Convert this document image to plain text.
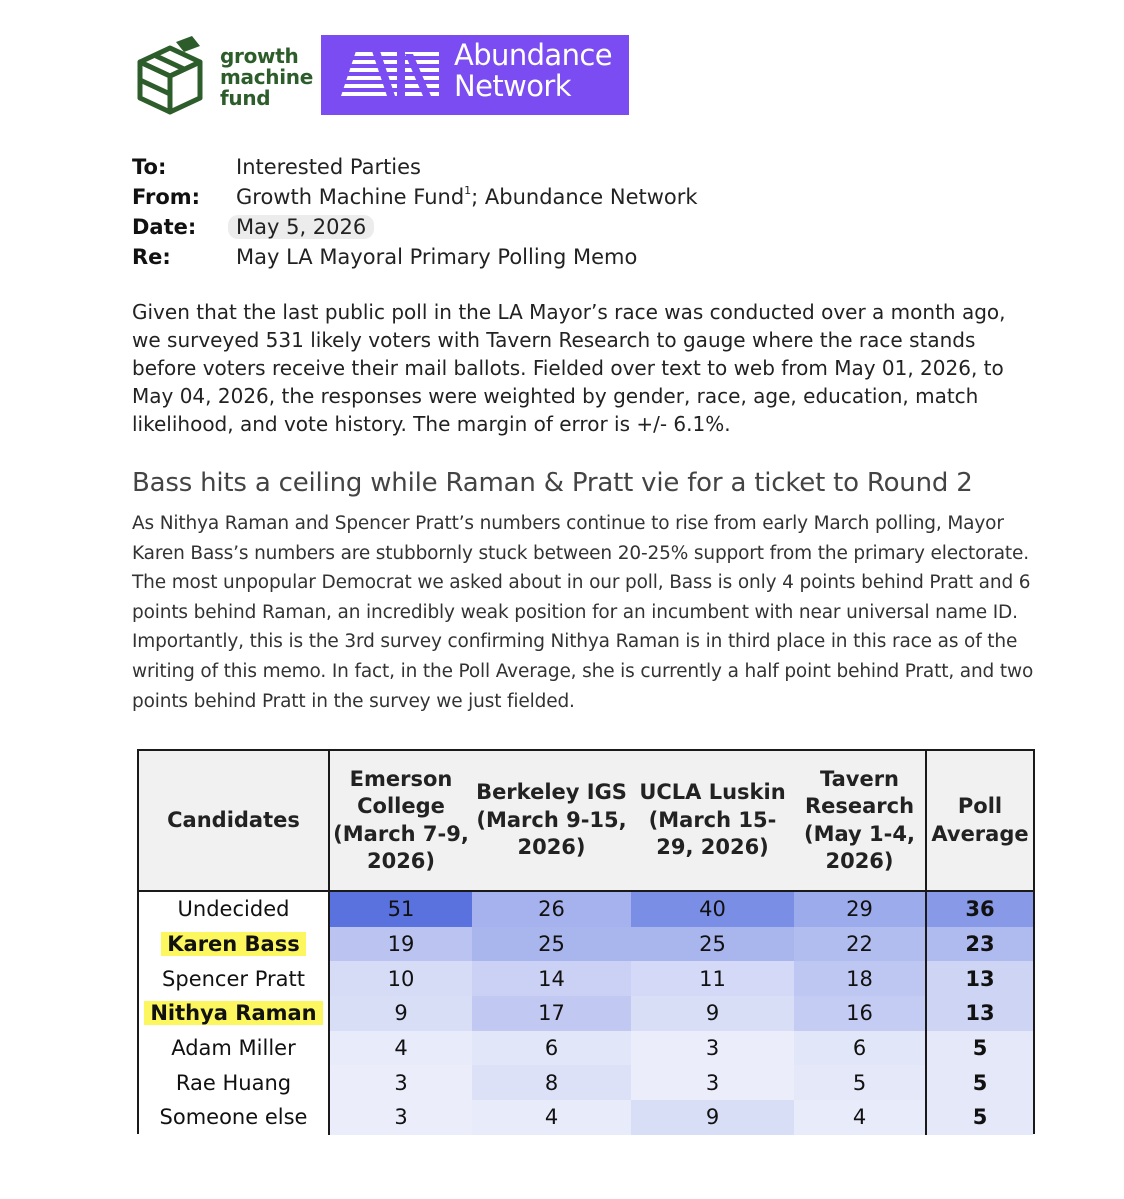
growth
machine
fund
Abundance
Network
To:	Interested Parties
From: Growth Machine Fund$^1$; Abundance Network
Date: May 5, 2026
Re:	May LA Mayoral Primary Polling Memo

Given that the last public poll in the LA Mayor’s race was conducted over a month ago, we surveyed 531 likely voters with Tavern Research to gauge where the race stands before voters receive their mail ballots. Fielded over text to web from May 01, 2026, to May 04, 2026, the responses were weighted by gender, race, age, education, match likelihood, and vote history. The margin of error is +/- 6.1%.

Bass hits a ceiling while Raman & Pratt vie for a ticket to Round 2

As Nithya Raman and Spencer Pratt’s numbers continue to rise from early March polling, Mayor Karen Bass’s numbers are stubbornly stuck between 20-25% support from the primary electorate. The most unpopular Democrat we asked about in our poll, Bass is only 4 points behind Pratt and 6 points behind Raman, an incredibly weak position for an incumbent with near universal name ID. Importantly, this is the 3rd survey confirming Nithya Raman is in third place in this race as of the writing of this memo. In fact, in the Poll Average, she is currently a half point behind Pratt, and two points behind Pratt in the survey we just fielded.

Candidates	Emerson College (March 7-9, 2026)	Berkeley IGS (March 9-15, 2026)	UCLA Luskin (March 15-29, 2026)	Tavern Research (May 1-4, 2026)	Poll Average
Undecided	51	26	40	29	36
Karen Bass	19	25	25	22	23
Spencer Pratt	10	14	11	18	13
Nithya Raman	9	17	9	16	13
Adam Miller	4	6	3	6	5
Rae Huang	3	8	3	5	5
Someone else	3	4	9	4	5
